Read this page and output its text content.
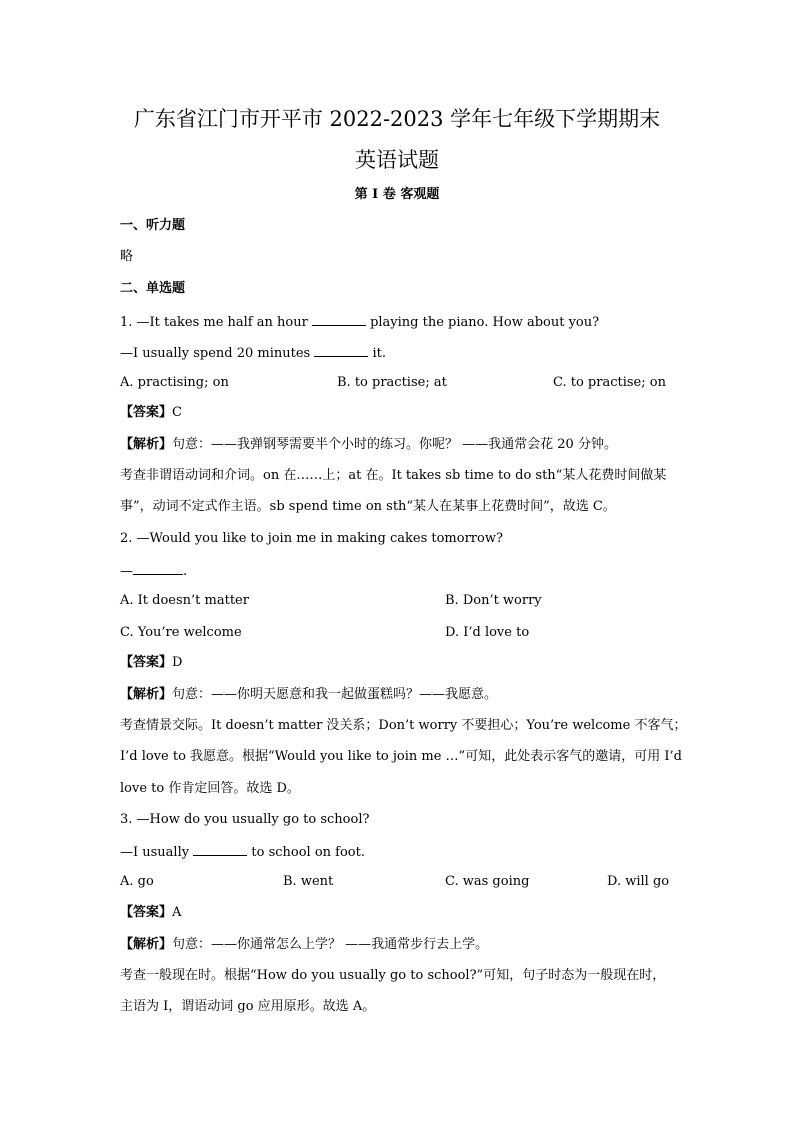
广东省江门市开平市 2022-2023 学年七年级下学期期末
英语试题
第 I 卷 客观题
一、听力题
略
二、单选题
1. —It takes me half an hour	playing the piano. How about you?
—I usually spend 20 minutes	it.
A. practising; on	B. to practise; at	C. to practise; on
【答案】C
【解析】句意：——我弹钢琴需要半个小时的练习。你呢？ ——我通常会花 20 分钟。
考查非谓语动词和介词。on 在……上；at 在。It takes sb time to do sth“某人花费时间做某
事”，动词不定式作主语。sb spend time on sth“某人在某事上花费时间”，故选 C。
2. —Would you like to join me in making cakes tomorrow?
—	.
A. It doesn’t matter	B. Don’t worry
C. You’re welcome	D. I’d love to
【答案】D
【解析】句意：——你明天愿意和我一起做蛋糕吗？——我愿意。
考查情景交际。It doesn’t matter 没关系；Don’t worry 不要担心；You’re welcome 不客气；
I’d love to 我愿意。根据“Would you like to join me …”可知，此处表示客气的邀请，可用 I’d
love to 作肯定回答。故选 D。
3. —How do you usually go to school?
—I usually	to school on foot.
A. go	B. went	C. was going	D. will go
【答案】A
【解析】句意：——你通常怎么上学？ ——我通常步行去上学。
考查一般现在时。根据“How do you usually go to school?”可知，句子时态为一般现在时，
主语为 I，谓语动词 go 应用原形。故选 A。
